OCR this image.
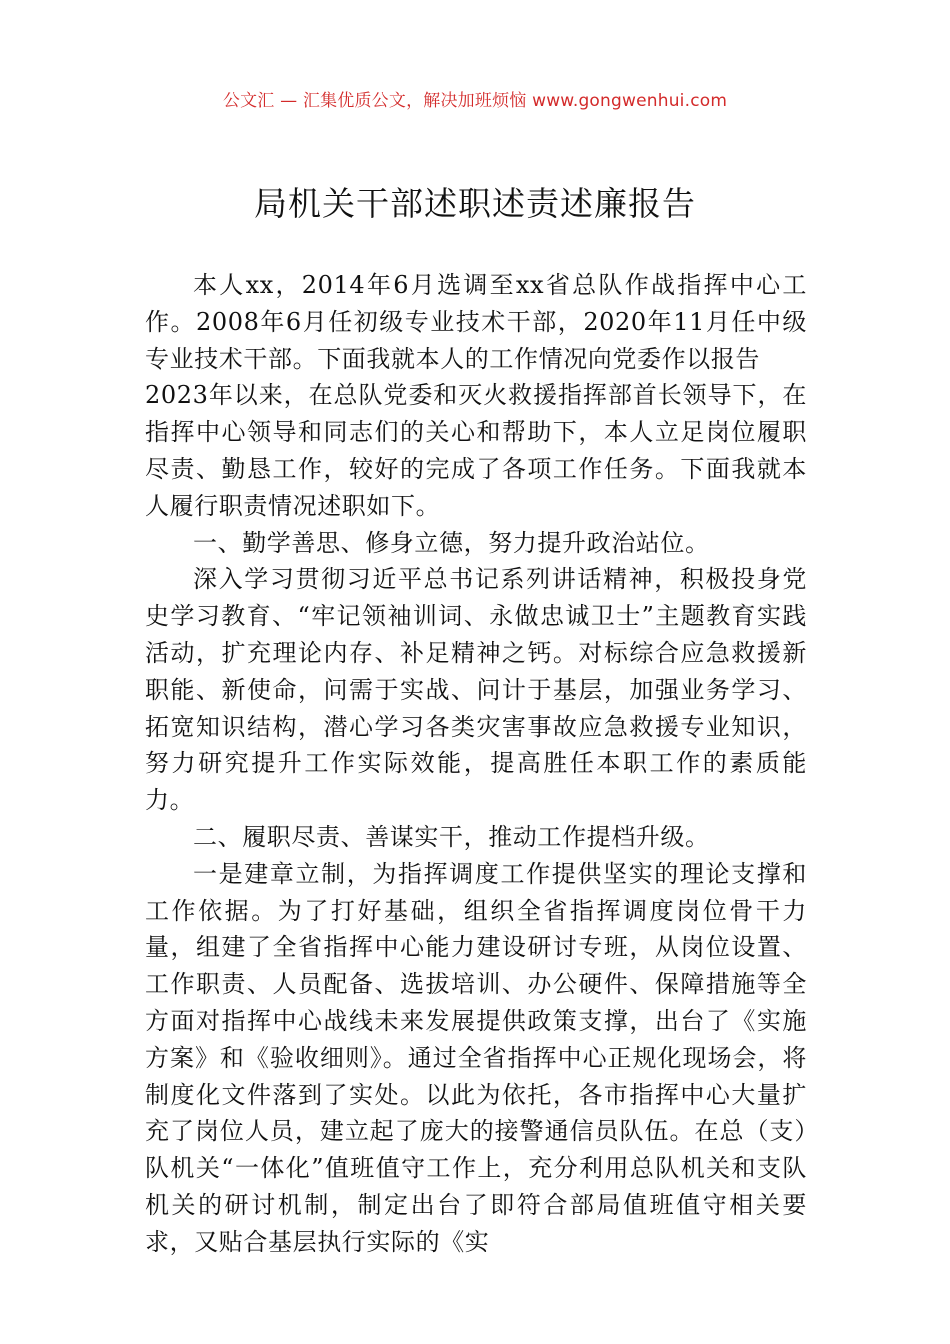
公文汇 — 汇集优质公文，解决加班烦恼 www.gongwenhui.com
局机关干部述职述责述廉报告

本人xx，2014年6月选调至xx省总队作战指挥中心工作。2008年6月任初级专业技术干部，2020年11月任中级专业技术干部。下面我就本人的工作情况向党委作以报告

2023年以来，在总队党委和灭火救援指挥部首长领导下，在指挥中心领导和同志们的关心和帮助下，本人立足岗位履职尽责、勤恳工作，较好的完成了各项工作任务。下面我就本人履行职责情况述职如下。

一、勤学善思、修身立德，努力提升政治站位。

深入学习贯彻习近平总书记系列讲话精神，积极投身党史学习教育、“牢记领袖训词、永做忠诚卫士”主题教育实践活动，扩充理论内存、补足精神之钙。对标综合应急救援新职能、新使命，问需于实战、问计于基层，加强业务学习、拓宽知识结构，潜心学习各类灾害事故应急救援专业知识，努力研究提升工作实际效能，提高胜任本职工作的素质能力。

二、履职尽责、善谋实干，推动工作提档升级。

一是建章立制，为指挥调度工作提供坚实的理论支撑和工作依据。为了打好基础，组织全省指挥调度岗位骨干力量，组建了全省指挥中心能力建设研讨专班，从岗位设置、工作职责、人员配备、选拔培训、办公硬件、保障措施等全方面对指挥中心战线未来发展提供政策支撑，出台了《实施方案》和《验收细则》。通过全省指挥中心正规化现场会，将制度化文件落到了实处。以此为依托，各市指挥中心大量扩充了岗位人员，建立起了庞大的接警通信员队伍。在总（支）队机关“一体化”值班值守工作上，充分利用总队机关和支队机关的研讨机制，制定出台了即符合部局值班值守相关要求，又贴合基层执行实际的《实
